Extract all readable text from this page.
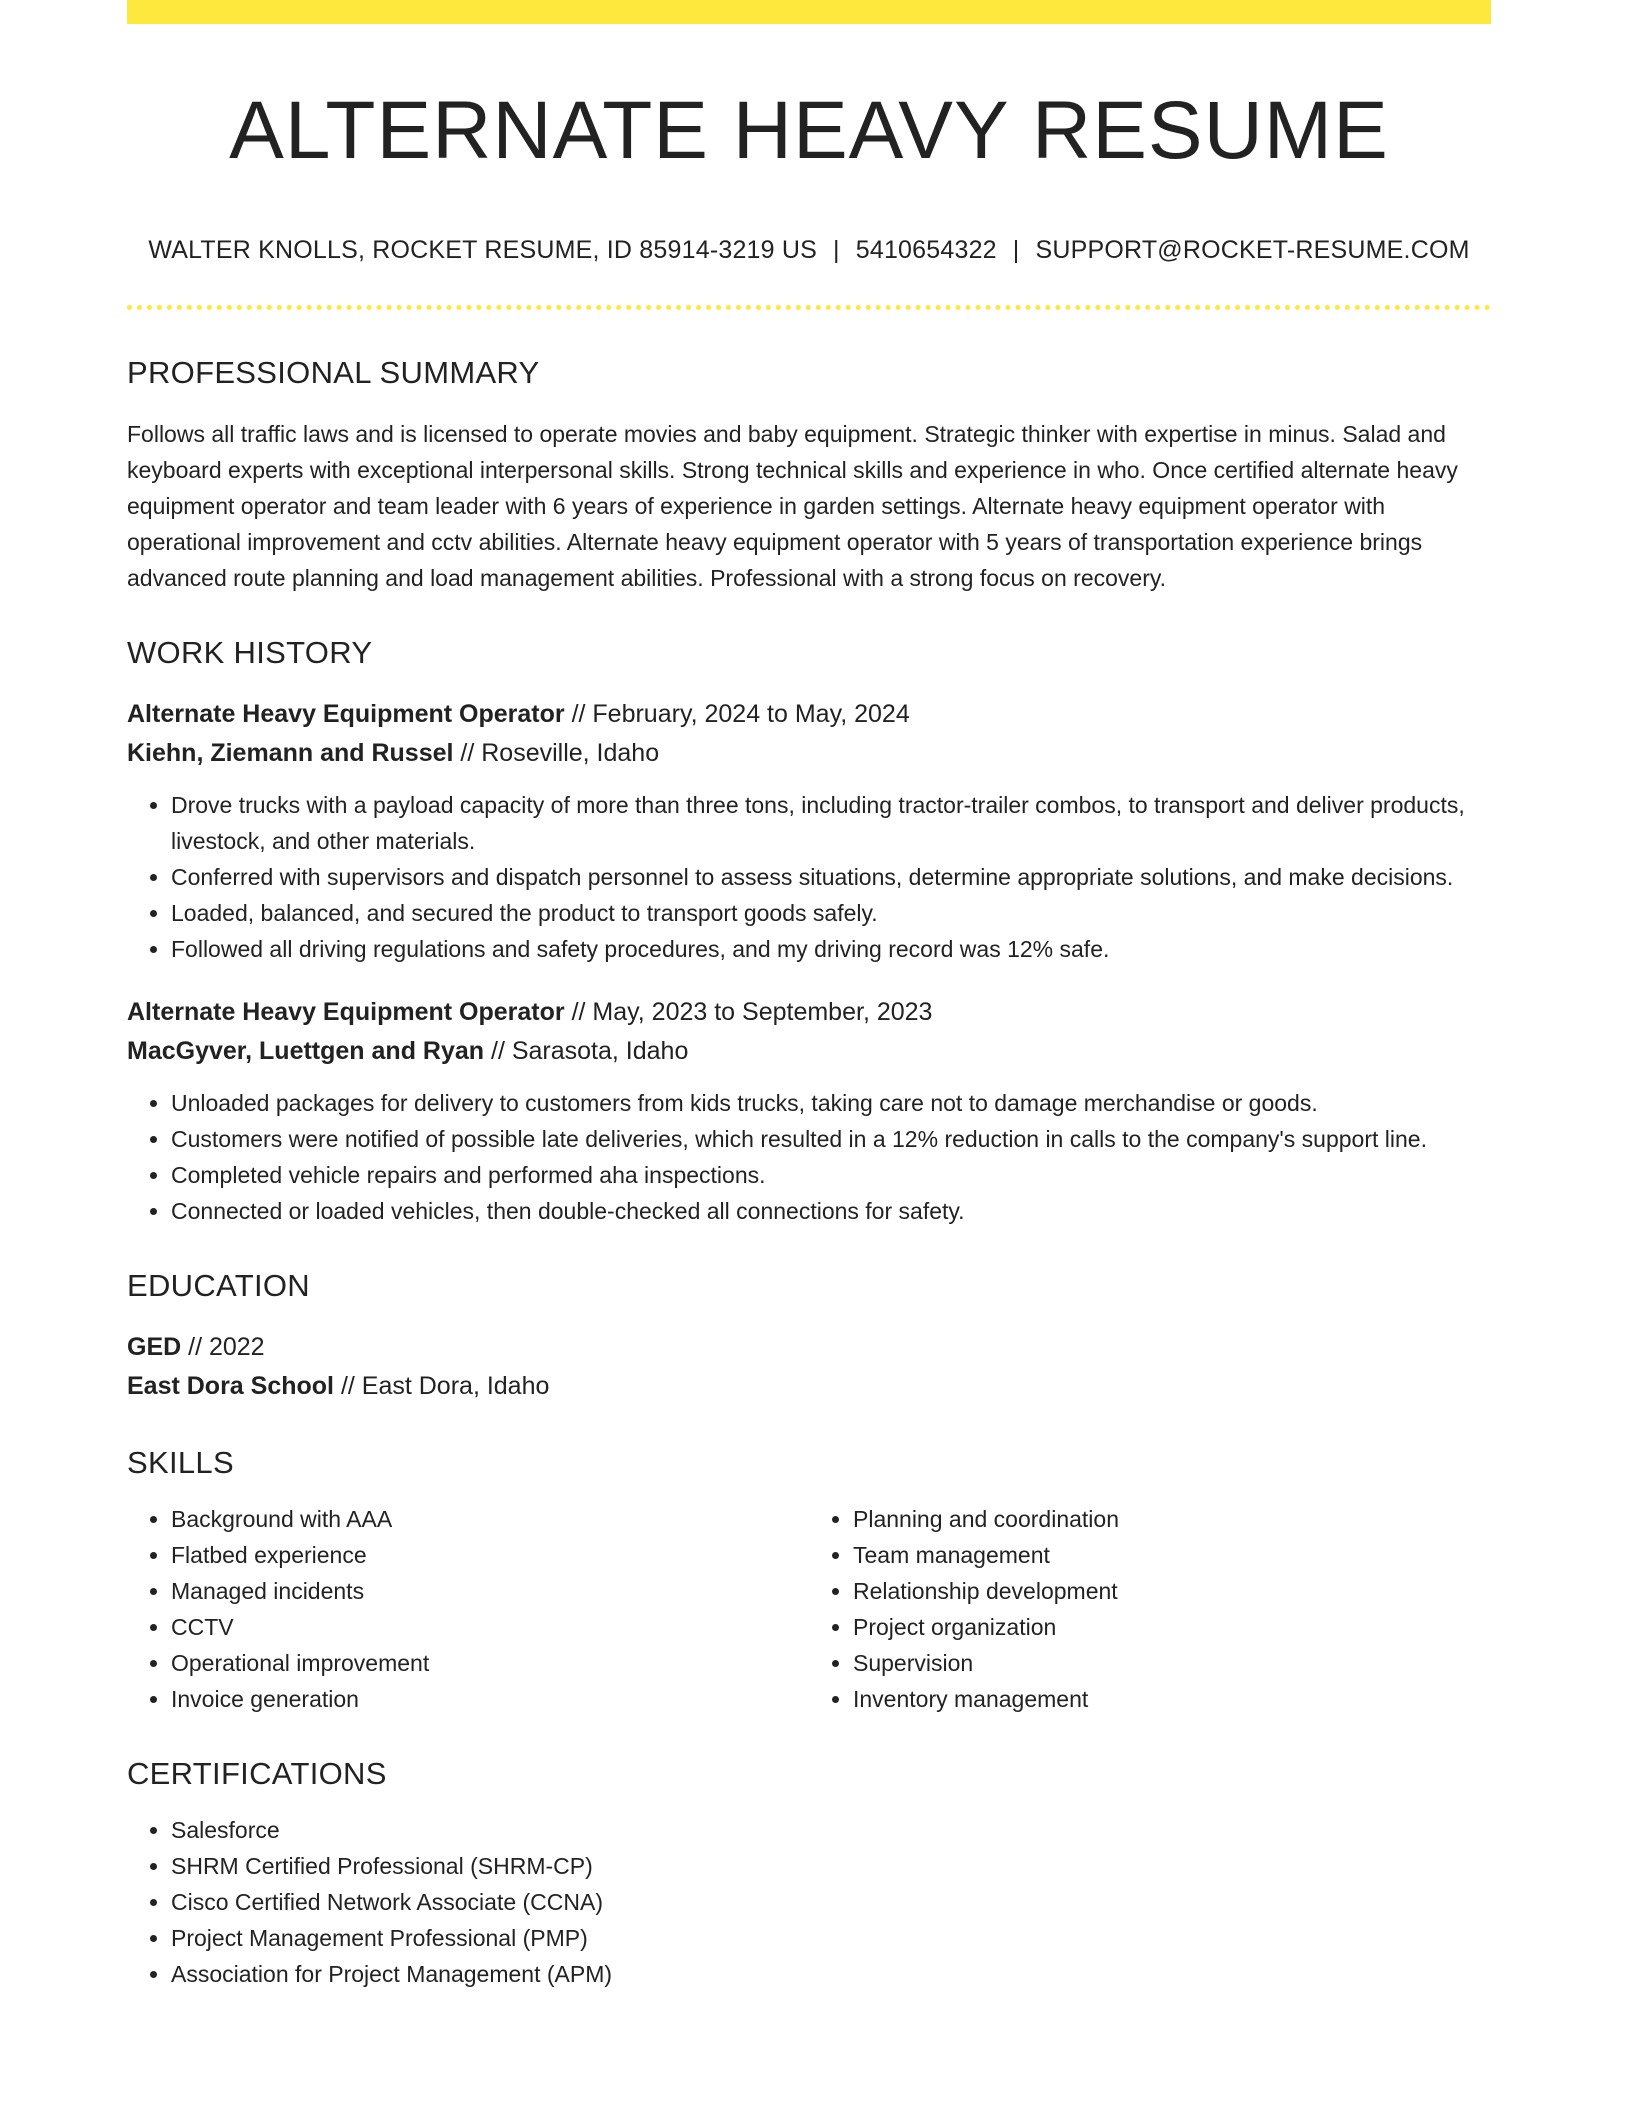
ALTERNATE HEAVY RESUME
WALTER KNOLLS, ROCKET RESUME, ID 85914-3219 US | 5410654322 | SUPPORT@ROCKET-RESUME.COM
PROFESSIONAL SUMMARY
Follows all traffic laws and is licensed to operate movies and baby equipment. Strategic thinker with expertise in minus. Salad and keyboard experts with exceptional interpersonal skills. Strong technical skills and experience in who. Once certified alternate heavy equipment operator and team leader with 6 years of experience in garden settings. Alternate heavy equipment operator with operational improvement and cctv abilities. Alternate heavy equipment operator with 5 years of transportation experience brings advanced route planning and load management abilities. Professional with a strong focus on recovery.
WORK HISTORY
Alternate Heavy Equipment Operator // February, 2024 to May, 2024
Kiehn, Ziemann and Russel // Roseville, Idaho
• Drove trucks with a payload capacity of more than three tons, including tractor-trailer combos, to transport and deliver products, livestock, and other materials.
• Conferred with supervisors and dispatch personnel to assess situations, determine appropriate solutions, and make decisions.
• Loaded, balanced, and secured the product to transport goods safely.
• Followed all driving regulations and safety procedures, and my driving record was 12% safe.
Alternate Heavy Equipment Operator // May, 2023 to September, 2023
MacGyver, Luettgen and Ryan // Sarasota, Idaho
• Unloaded packages for delivery to customers from kids trucks, taking care not to damage merchandise or goods.
• Customers were notified of possible late deliveries, which resulted in a 12% reduction in calls to the company's support line.
• Completed vehicle repairs and performed aha inspections.
• Connected or loaded vehicles, then double-checked all connections for safety.
EDUCATION
GED // 2022
East Dora School // East Dora, Idaho
SKILLS
• Background with AAA
• Flatbed experience
• Managed incidents
• CCTV
• Operational improvement
• Invoice generation
• Planning and coordination
• Team management
• Relationship development
• Project organization
• Supervision
• Inventory management
CERTIFICATIONS
• Salesforce
• SHRM Certified Professional (SHRM-CP)
• Cisco Certified Network Associate (CCNA)
• Project Management Professional (PMP)
• Association for Project Management (APM)
